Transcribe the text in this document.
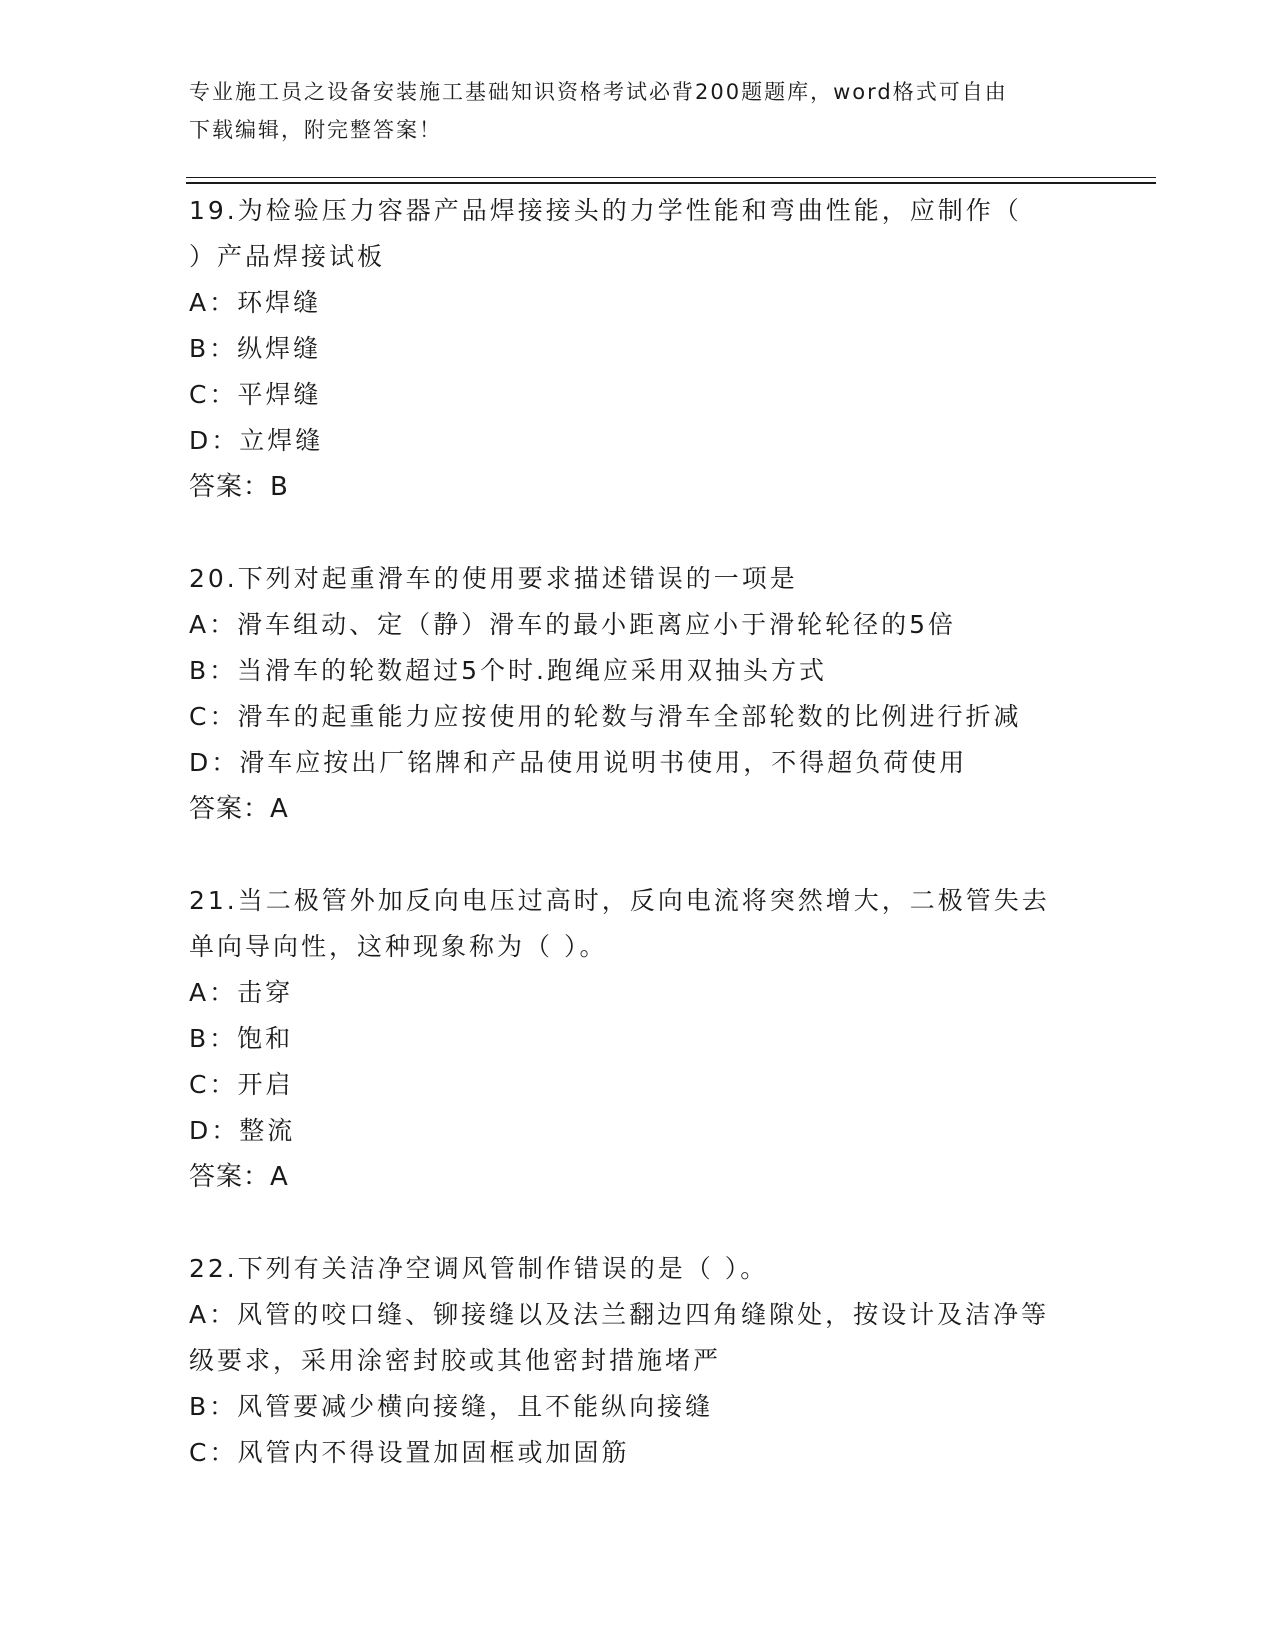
专业施工员之设备安装施工基础知识资格考试必背200题题库，word格式可自由
下载编辑，附完整答案！
19.为检验压力容器产品焊接接头的力学性能和弯曲性能，应制作（
）产品焊接试板
A：环焊缝
B：纵焊缝
C：平焊缝
D：立焊缝
答案：B
20.下列对起重滑车的使用要求描述错误的一项是
A：滑车组动、定（静）滑车的最小距离应小于滑轮轮径的5倍
B：当滑车的轮数超过5个时.跑绳应采用双抽头方式
C：滑车的起重能力应按使用的轮数与滑车全部轮数的比例进行折减
D：滑车应按出厂铭牌和产品使用说明书使用，不得超负荷使用
答案：A
21.当二极管外加反向电压过高时，反向电流将突然增大，二极管失去
单向导向性，这种现象称为（ ）。
A：击穿
B：饱和
C：开启
D：整流
答案：A
22.下列有关洁净空调风管制作错误的是（ ）。
A：风管的咬口缝、铆接缝以及法兰翻边四角缝隙处，按设计及洁净等
级要求，采用涂密封胶或其他密封措施堵严
B：风管要减少横向接缝，且不能纵向接缝
C：风管内不得设置加固框或加固筋
